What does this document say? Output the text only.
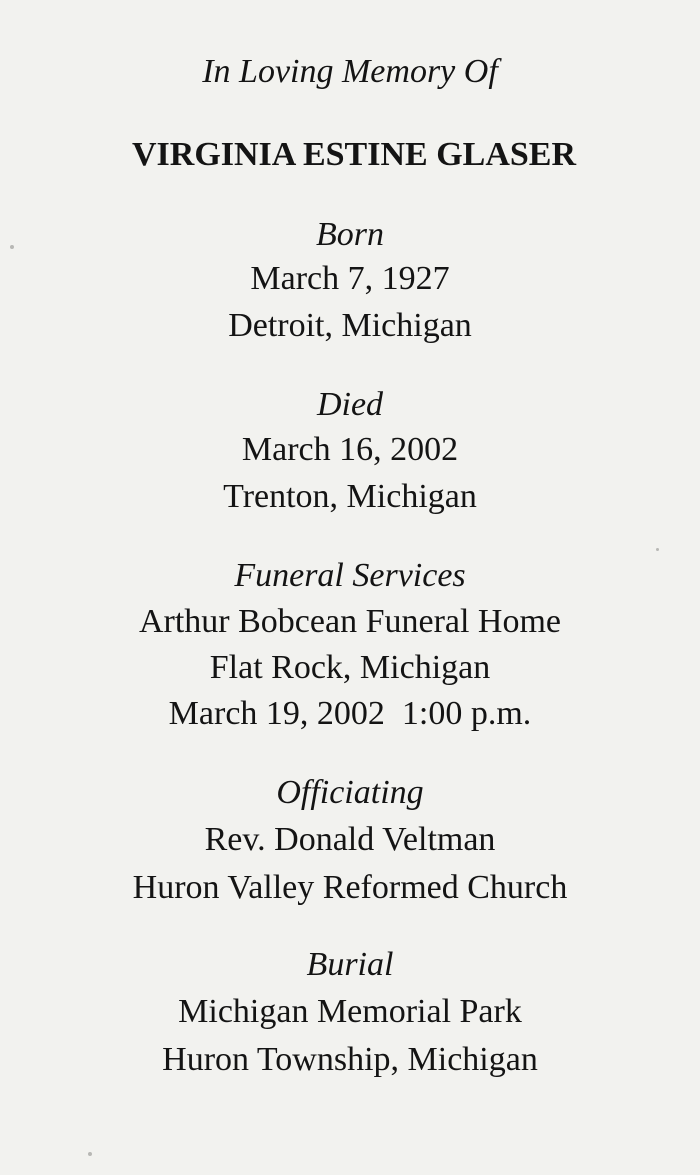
In Loving Memory Of
VIRGINIA ESTINE GLASER
Born
March 7, 1927
Detroit, Michigan
Died
March 16, 2002
Trenton, Michigan
Funeral Services
Arthur Bobcean Funeral Home
Flat Rock, Michigan
March 19, 2002  1:00 p.m.
Officiating
Rev. Donald Veltman
Huron Valley Reformed Church
Burial
Michigan Memorial Park
Huron Township, Michigan
